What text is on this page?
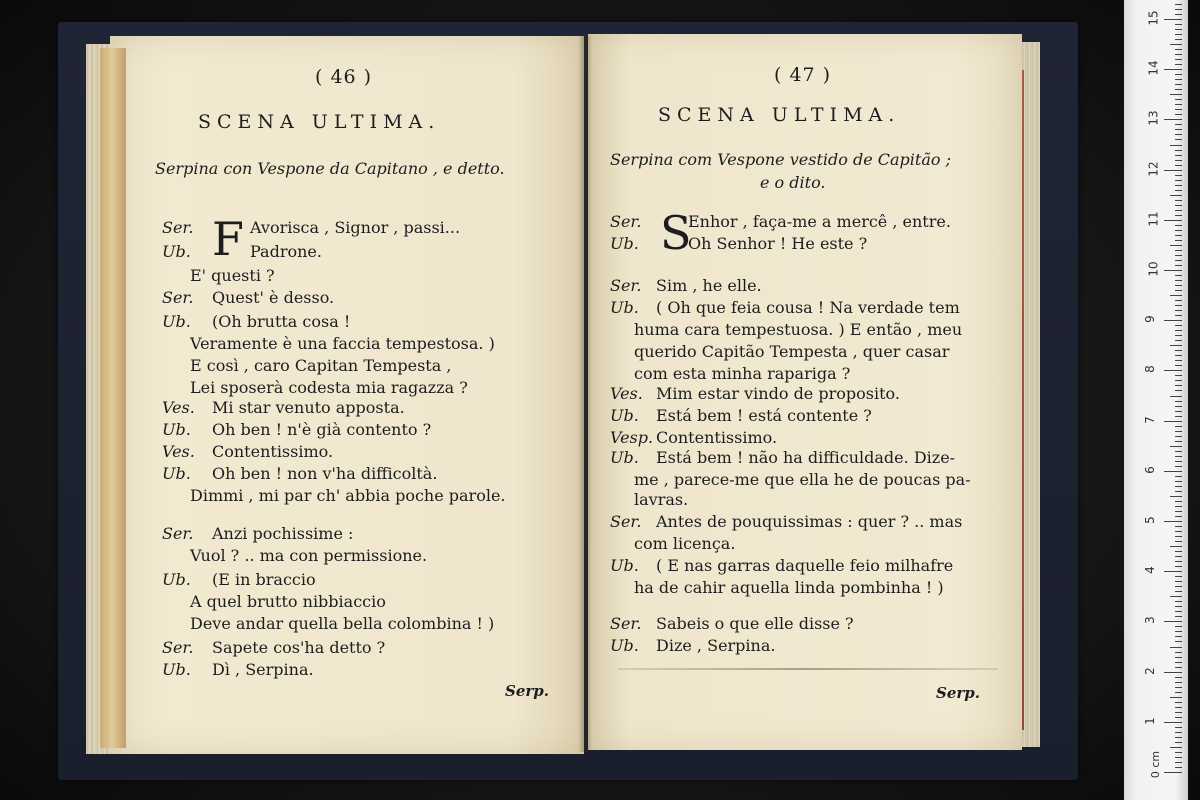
( 46 )
SCENA ULTIMA.
Serpina con Vespone da Capitano , e detto.
F
Ser.	Avorisca , Signor , passi...
Ub.	Padrone.
E' questi ?
Ser. Quest' è desso.
Ub. (Oh brutta cosa !
Veramente è una faccia tempestosa. )
E così , caro Capitan Tempesta ,
Lei sposerà codesta mia ragazza ?
Ves. Mi star venuto apposta.
Ub. Oh ben ! n'è già contento ?
Ves. Contentissimo.
Ub. Oh ben ! non v'ha difficoltà.
Dimmi , mi par ch' abbia poche parole.
Ser. Anzi pochissime :
Vuol ? .. ma con permissione.
Ub. (E in braccio
A quel brutto nibbiaccio
Deve andar quella bella colombina ! )
Ser. Sapete cos'ha detto ?
Ub. Dì , Serpina.
Serp.
( 47 )
SCENA ULTIMA.
Serpina com Vespone vestido de Capitão ;
e o dito.
S
Ser.	Enhor , faça-me a mercê , entre.
Ub.	Oh Senhor ! He este ?
Ser. Sim , he elle.
Ub. ( Oh que feia cousa ! Na verdade tem
huma cara tempestuosa. ) E então , meu
querido Capitão Tempesta , quer casar
com esta minha rapariga ?
Ves. Mim estar vindo de proposito.
Ub. Está bem ! está contente ?
Vesp. Contentissimo.
Ub. Está bem ! não ha difficuldade. Dize-
me , parece-me que ella he de poucas pa-
lavras.
Ser. Antes de pouquissimas : quer ? .. mas
com licença.
Ub. ( E nas garras daquelle feio milhafre
ha de cahir aquella linda pombinha ! )
Ser. Sabeis o que elle disse ?
Ub. Dize , Serpina.
Serp.
1
2
3
4
5
6
7
8
9
10
11
12
13
14
15
0 cm
